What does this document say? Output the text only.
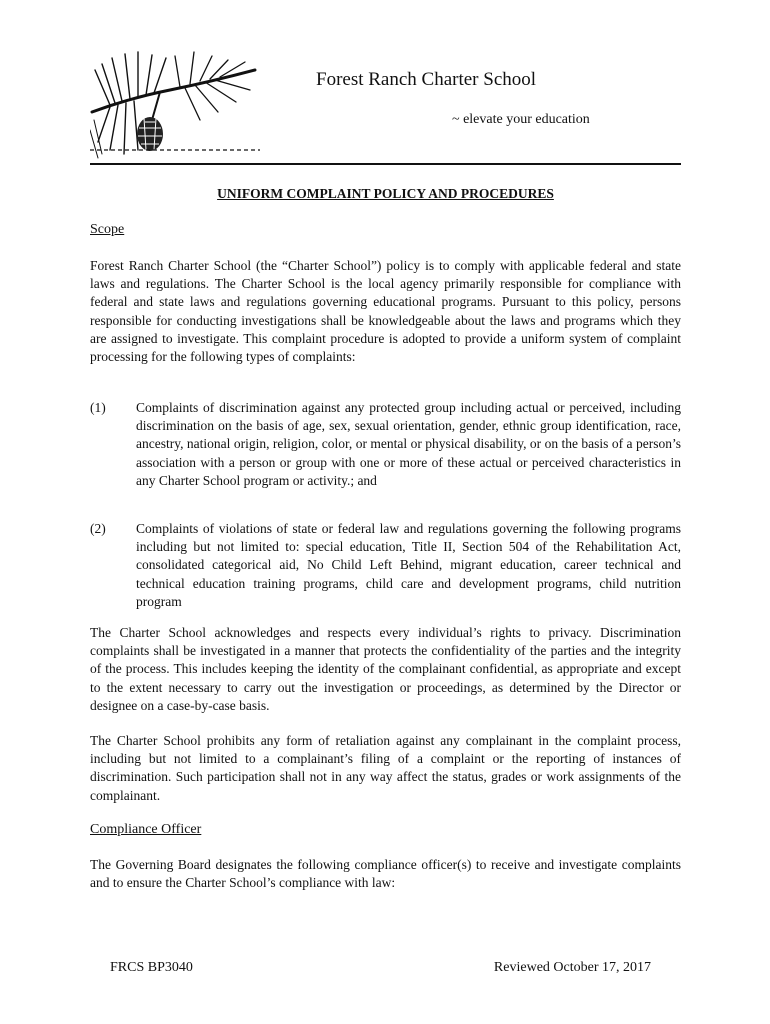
Forest Ranch Charter School
~ elevate your education
UNIFORM COMPLAINT POLICY AND PROCEDURES
Scope

Forest Ranch Charter School (the “Charter School”) policy is to comply with applicable federal and state laws and regulations. The Charter School is the local agency primarily responsible for compliance with federal and state laws and regulations governing educational programs. Pursuant to this policy, persons responsible for conducting investigations shall be knowledgeable about the laws and programs which they are assigned to investigate. This complaint procedure is adopted to provide a uniform system of complaint processing for the following types of complaints:

(1) Complaints of discrimination against any protected group including actual or perceived, including discrimination on the basis of age, sex, sexual orientation, gender, ethnic group identification, race, ancestry, national origin, religion, color, or mental or physical disability, or on the basis of a person’s association with a person or group with one or more of these actual or perceived characteristics in any Charter School program or activity.; and

(2) Complaints of violations of state or federal law and regulations governing the following programs including but not limited to: special education, Title II, Section 504 of the Rehabilitation Act, consolidated categorical aid, No Child Left Behind, migrant education, career technical and technical education training programs, child care and development programs, child nutrition program

The Charter School acknowledges and respects every individual’s rights to privacy. Discrimination complaints shall be investigated in a manner that protects the confidentiality of the parties and the integrity of the process. This includes keeping the identity of the complainant confidential, as appropriate and except to the extent necessary to carry out the investigation or proceedings, as determined by the Director or designee on a case-by-case basis.

The Charter School prohibits any form of retaliation against any complainant in the complaint process, including but not limited to a complainant’s filing of a complaint or the reporting of instances of discrimination. Such participation shall not in any way affect the status, grades or work assignments of the complainant.

Compliance Officer

The Governing Board designates the following compliance officer(s) to receive and investigate complaints and to ensure the Charter School’s compliance with law:

FRCS BP3040	Reviewed October 17, 2017
